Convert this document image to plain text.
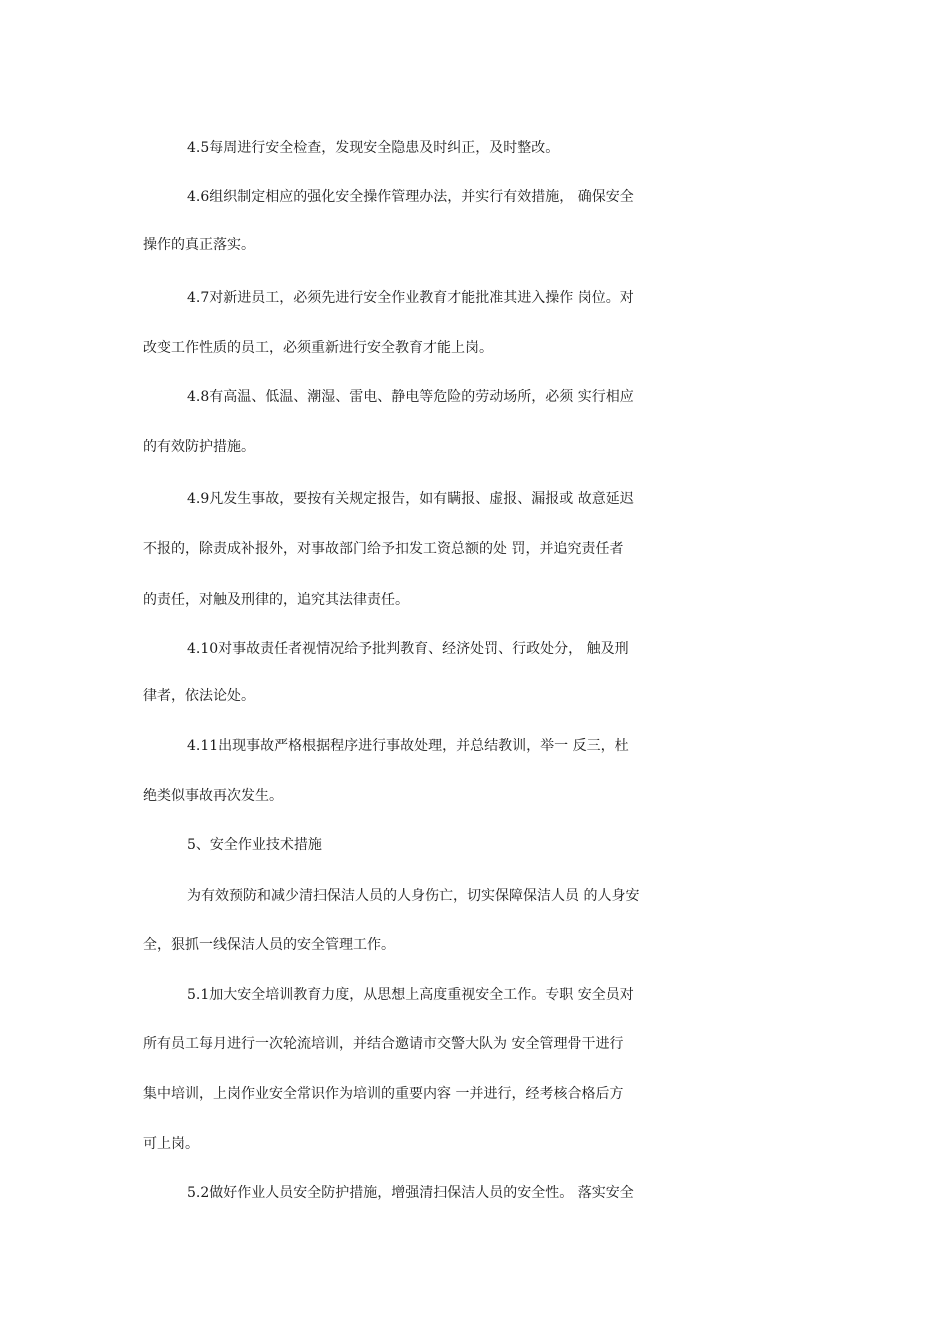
4.5每周进行安全检查，发现安全隐患及时纠正，及时整改。

4.6组织制定相应的强化安全操作管理办法，并实行有效措施， 确保安全

操作的真正落实。

4.7对新进员工，必须先进行安全作业教育才能批准其进入操作 岗位。对

改变工作性质的员工，必须重新进行安全教育才能上岗。

4.8有高温、低温、潮湿、雷电、静电等危险的劳动场所，必须 实行相应

的有效防护措施。

4.9凡发生事故，要按有关规定报告，如有瞒报、虚报、漏报或 故意延迟

不报的，除责成补报外，对事故部门给予扣发工资总额的处 罚，并追究责任者

的责任，对触及刑律的，追究其法律责任。

4.10对事故责任者视情况给予批判教育、经济处罚、行政处分， 触及刑

律者，依法论处。

4.11出现事故严格根据程序进行事故处理，并总结教训，举一 反三，杜

绝类似事故再次发生。

5、安全作业技术措施

为有效预防和减少清扫保洁人员的人身伤亡，切实保障保洁人员 的人身安

全，狠抓一线保洁人员的安全管理工作。

5.1加大安全培训教育力度，从思想上高度重视安全工作。专职 安全员对

所有员工每月进行一次轮流培训，并结合邀请市交警大队为 安全管理骨干进行

集中培训，上岗作业安全常识作为培训的重要内容 一并进行，经考核合格后方

可上岗。

5.2做好作业人员安全防护措施，增强清扫保洁人员的安全性。 落实安全
